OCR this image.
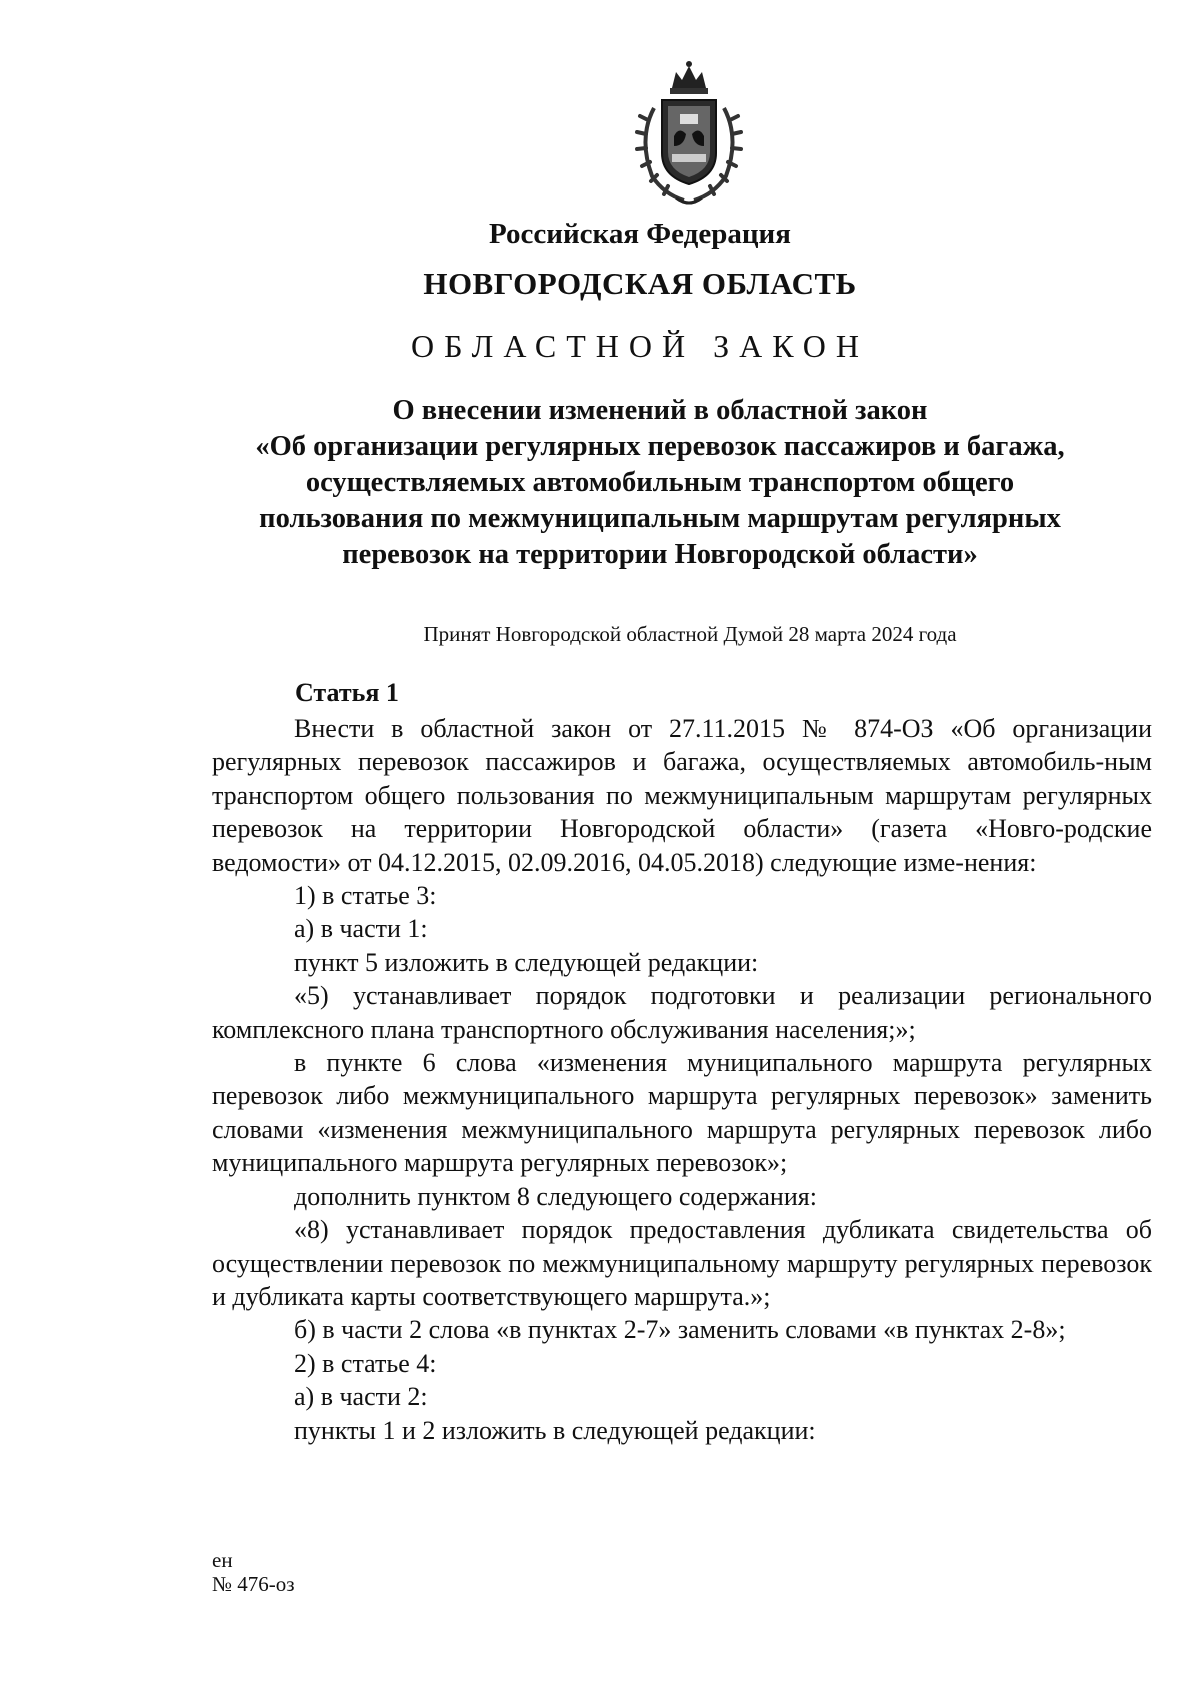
Российская Федерация

НОВГОРОДСКАЯ ОБЛАСТЬ

ОБЛАСТНОЙ ЗАКОН

О внесении изменений в областной закон
«Об организации регулярных перевозок пассажиров и багажа,
осуществляемых автомобильным транспортом общего
пользования по межмуниципальным маршрутам регулярных
перевозок на территории Новгородской области»

Принят Новгородской областной Думой 28 марта 2024 года

Статья 1

Внести в областной закон от 27.11.2015 № 874-ОЗ «Об организации регулярных перевозок пассажиров и багажа, осуществляемых автомобиль-ным транспортом общего пользования по межмуниципальным маршрутам регулярных перевозок на территории Новгородской области» (газета «Новго-родские ведомости» от 04.12.2015, 02.09.2016, 04.05.2018) следующие изме-нения:

1) в статье 3:

а) в части 1:

пункт 5 изложить в следующей редакции:

«5) устанавливает порядок подготовки и реализации регионального комплексного плана транспортного обслуживания населения;»;

в пункте 6 слова «изменения муниципального маршрута регулярных перевозок либо межмуниципального маршрута регулярных перевозок» заменить словами «изменения межмуниципального маршрута регулярных перевозок либо муниципального маршрута регулярных перевозок»;

дополнить пунктом 8 следующего содержания:

«8) устанавливает порядок предоставления дубликата свидетельства об осуществлении перевозок по межмуниципальному маршруту регулярных перевозок и дубликата карты соответствующего маршрута.»;

б) в части 2 слова «в пунктах 2-7» заменить словами «в пунктах 2-8»;

2) в статье 4:

а) в части 2:

пункты 1 и 2 изложить в следующей редакции:

ен
№ 476-оз
